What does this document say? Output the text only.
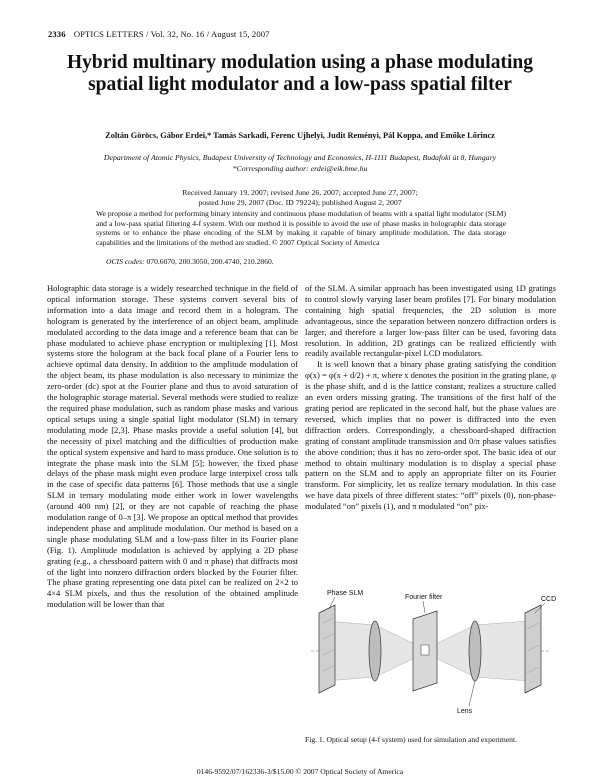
2336 OPTICS LETTERS / Vol. 32, No. 16 / August 15, 2007
Hybrid multinary modulation using a phase modulating spatial light modulator and a low-pass spatial filter
Zoltán Göröcs, Gábor Erdei,* Tamás Sarkadi, Ferenc Ujhelyi, Judit Reményi, Pál Koppa, and Emőke Lőrincz
Department of Atomic Physics, Budapest University of Technology and Economics, H-1111 Budapest, Budafoki út 8, Hungary
*Corresponding author: erdei@eik.bme.hu
Received January 19, 2007; revised June 26, 2007; accepted June 27, 2007;
posted June 29, 2007 (Doc. ID 79224); published August 2, 2007
We propose a method for performing binary intensity and continuous phase modulation of beams with a spatial light modulator (SLM) and a low-pass spatial filtering 4-f system. With our method it is possible to avoid the use of phase masks in holographic data storage systems or to enhance the phase encoding of the SLM by making it capable of binary amplitude modulation. The data storage capabilities and the limitations of the method are studied. © 2007 Optical Society of America
OCIS codes: 070.6070, 200.3050, 200.4740, 210.2860.

Holographic data storage is a widely researched technique in the field of optical information storage. These systems convert several bits of information into a data image and record them in a hologram. The hologram is generated by the interference of an object beam, amplitude modulated according to the data image and a reference beam that can be phase modulated to achieve phase encryption or multiplexing [1]. Most systems store the hologram at the back focal plane of a Fourier lens to achieve optimal data density. In addition to the amplitude modulation of the object beam, its phase modulation is also necessary to minimize the zero-order (dc) spot at the Fourier plane and thus to avoid saturation of the holographic storage material. Several methods were studied to realize the required phase modulation, such as random phase masks and various optical setups using a single spatial light modulator (SLM) in ternary modulating mode [2,3]. Phase masks provide a useful solution [4], but the necessity of pixel matching and the difficulties of production make the optical system expensive and hard to mass produce. One solution is to integrate the phase mask into the SLM [5]; however, the fixed phase delays of the phase mask might even produce large interpixel cross talk in the case of specific data patterns [6]. Those methods that use a single SLM in ternary modulating mode either work in lower wavelengths (around 400 nm) [2], or they are not capable of reaching the phase modulation range of 0–π [3]. We propose an optical method that provides independent phase and amplitude modulation. Our method is based on a single phase modulating SLM and a low-pass filter in its Fourier plane (Fig. 1). Amplitude modulation is achieved by applying a 2D phase grating (e.g., a chessboard pattern with 0 and π phase) that diffracts most of the light into nonzero diffraction orders blocked by the Fourier filter. The phase grating representing one data pixel can be realized on 2×2 to 4×4 SLM pixels, and thus the resolution of the obtained amplitude modulation will be lower than that

of the SLM. A similar approach has been investigated using 1D gratings to control slowly varying laser beam profiles [7]. For binary modulation containing high spatial frequencies, the 2D solution is more advantageous, since the separation between nonzero diffraction orders is larger, and therefore a larger low-pass filter can be used, favoring data resolution. In addition, 2D gratings can be realized efficiently with readily available rectangular-pixel LCD modulators.

It is well known that a binary phase grating satisfying the condition φ(x) = φ(x + d/2) + π, where x denotes the position in the grating plane, φ is the phase shift, and d is the lattice constant, realizes a structure called an even orders missing grating. The transitions of the first half of the grating period are replicated in the second half, but the phase values are reversed, which implies that no power is diffracted into the even diffraction orders. Correspondingly, a chessboard-shaped diffraction grating of constant amplitude transmission and 0/π phase values satisfies the above condition; thus it has no zero-order spot. The basic idea of our method to obtain multinary modulation is to display a special phase pattern on the SLM and to apply an appropriate filter on its Fourier transform. For simplicity, let us realize ternary modulation. In this case we have data pixels of three different states: “off” pixels (0), non-phase-modulated “on” pixels (1), and π modulated “on” pix-

Phase SLM
Fourier filter
Lens
CCD
Fig. 1. Optical setup (4-f system) used for simulation and experiment.
0146-9592/07/162336-3/$15.00 © 2007 Optical Society of America
